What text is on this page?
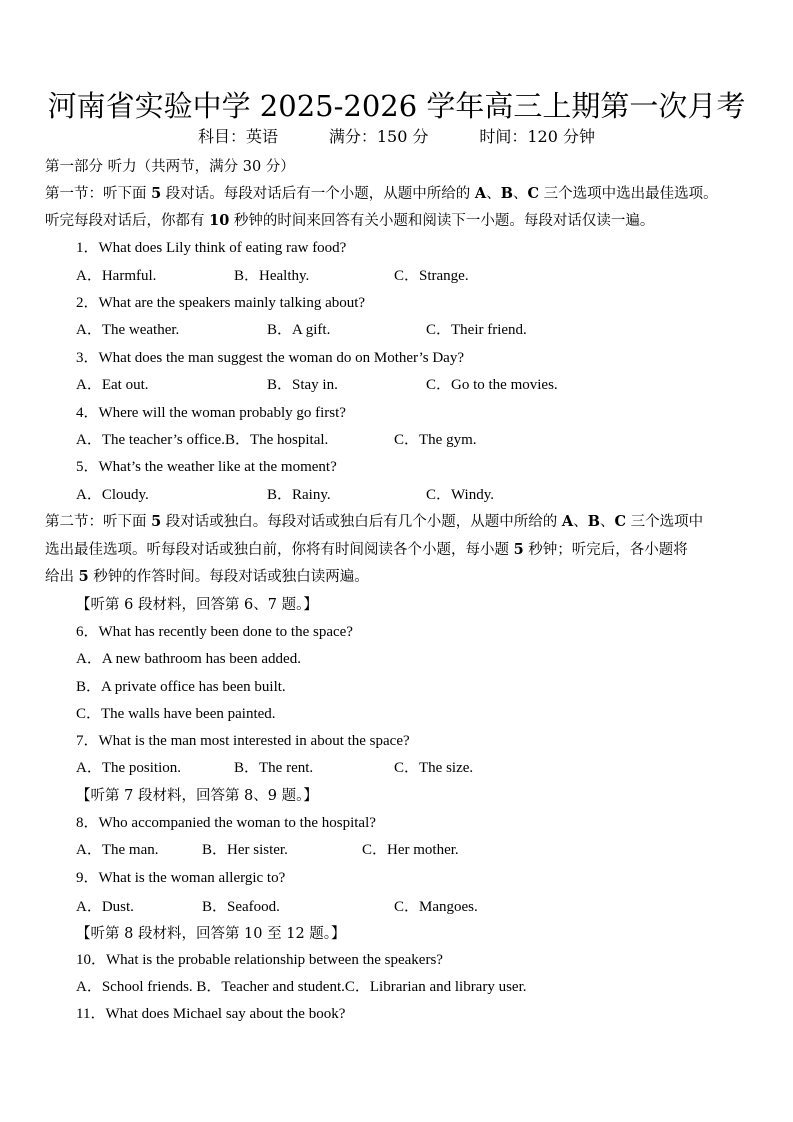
河南省实验中学 2025-2026 学年高三上期第一次月考
科目：英语	满分：150 分	时间：120 分钟
第一部分 听力（共两节，满分 30 分）
第一节：听下面 5 段对话。每段对话后有一个小题，从题中所给的 A、B、C 三个选项中选出最佳选项。
听完每段对话后，你都有 10 秒钟的时间来回答有关小题和阅读下一小题。每段对话仅读一遍。
1．What does Lily think of eating raw food?
A．Harmful.	B．Healthy.	C．Strange.
2．What are the speakers mainly talking about?
A．The weather.	B．A gift.	C．Their friend.
3．What does the man suggest the woman do on Mother’s Day?
A．Eat out.	B．Stay in.	C．Go to the movies.
4．Where will the woman probably go first?
A．The teacher’s office.B．The hospital.	C．The gym.
5．What’s the weather like at the moment?
A．Cloudy.	B．Rainy.	C．Windy.
第二节：听下面 5 段对话或独白。每段对话或独白后有几个小题，从题中所给的 A、B、C 三个选项中
选出最佳选项。听每段对话或独白前，你将有时间阅读各个小题，每小题 5 秒钟；听完后，各小题将
给出 5 秒钟的作答时间。每段对话或独白读两遍。
【听第 6 段材料，回答第 6、7 题。】
6．What has recently been done to the space?
A．A new bathroom has been added.
B．A private office has been built.
C．The walls have been painted.
7．What is the man most interested in about the space?
A．The position.	B．The rent.	C．The size.
【听第 7 段材料，回答第 8、9 题。】
8．Who accompanied the woman to the hospital?
A．The man.	B．Her sister.	C．Her mother.
9．What is the woman allergic to?
A．Dust.	B．Seafood.	C．Mangoes.
【听第 8 段材料，回答第 10 至 12 题。】
10．What is the probable relationship between the speakers?
A．School friends. B．Teacher and student.C．Librarian and library user.
11．What does Michael say about the book?
